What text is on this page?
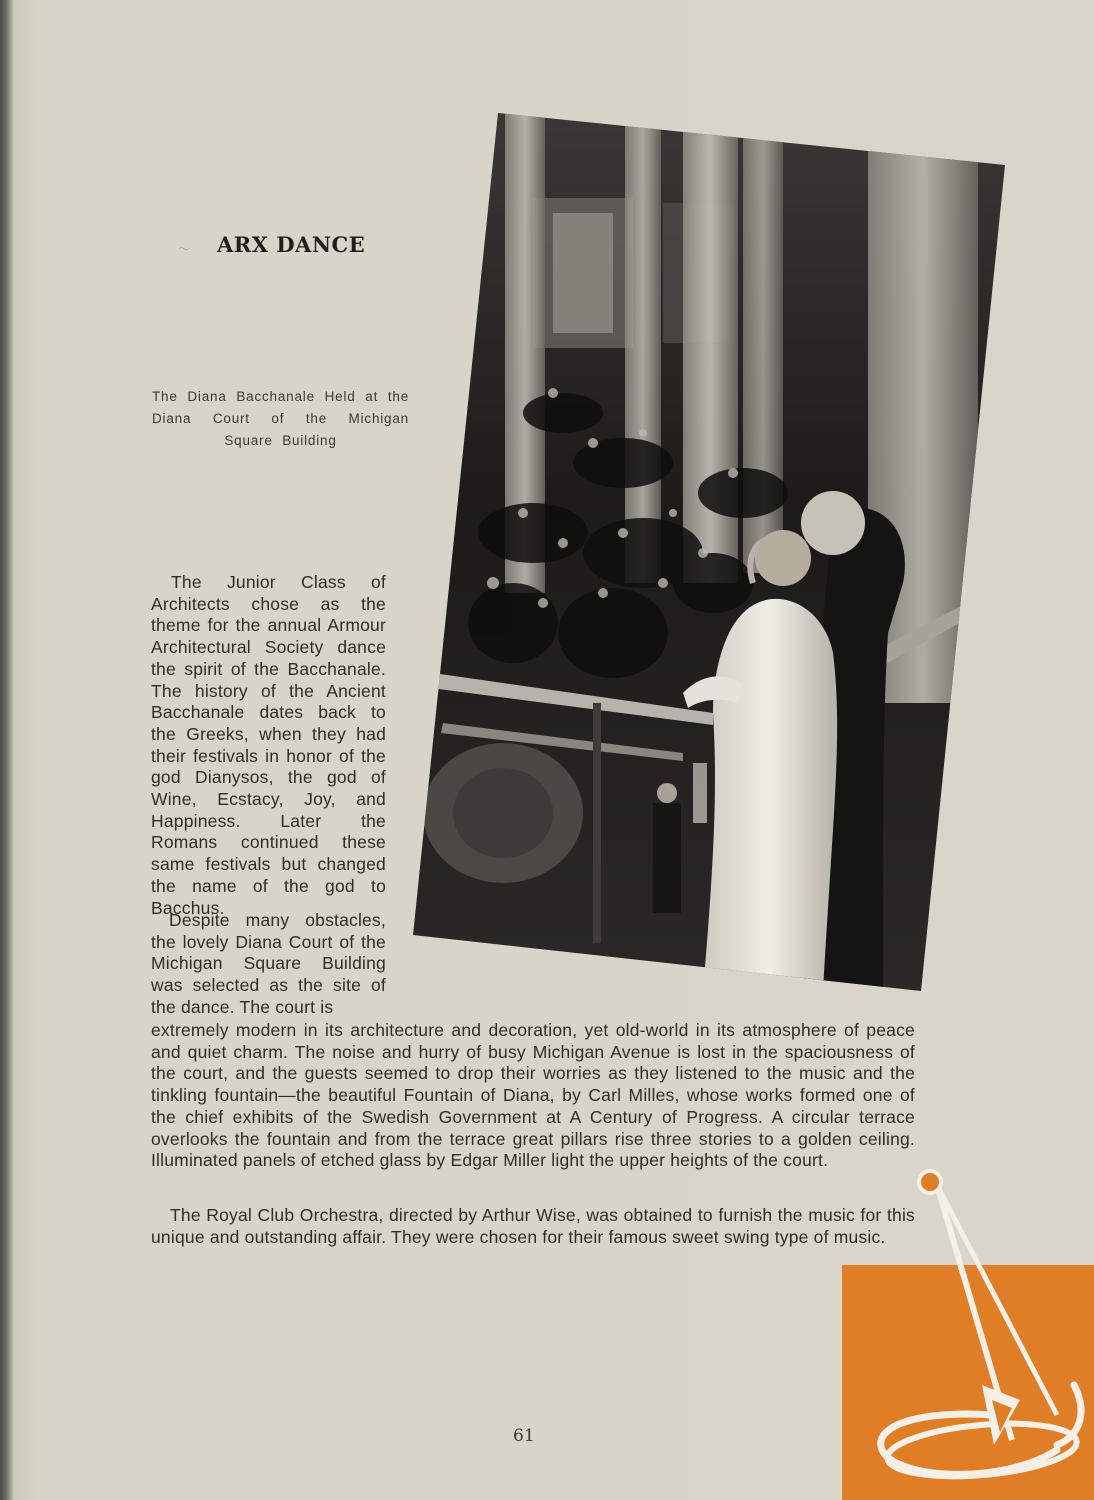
〜 ARX DANCE

The Diana Bacchanale Held at the Diana Court of the Michigan Square Building

The Junior Class of Architects chose as the theme for the annual Armour Architectural Society dance the spirit of the Bacchanale. The history of the Ancient Bacchanale dates back to the Greeks, when they had their festivals in honor of the god Dianysos, the god of Wine, Ecstacy, Joy, and Happiness. Later the Romans continued these same festivals but changed the name of the god to Bacchus.

Despite many obstacles, the lovely Diana Court of the Michigan Square Building was selected as the site of the dance. The court is

extremely modern in its architecture and decoration, yet old-world in its atmosphere of peace and quiet charm. The noise and hurry of busy Michigan Avenue is lost in the spaciousness of the court, and the guests seemed to drop their worries as they listened to the music and the tinkling fountain—the beautiful Fountain of Diana, by Carl Milles, whose works formed one of the chief exhibits of the Swedish Government at A Century of Progress. A circular terrace overlooks the fountain and from the terrace great pillars rise three stories to a golden ceiling. Illuminated panels of etched glass by Edgar Miller light the upper heights of the court.

The Royal Club Orchestra, directed by Arthur Wise, was obtained to furnish the music for this unique and outstanding affair. They were chosen for their famous sweet swing type of music.

61
